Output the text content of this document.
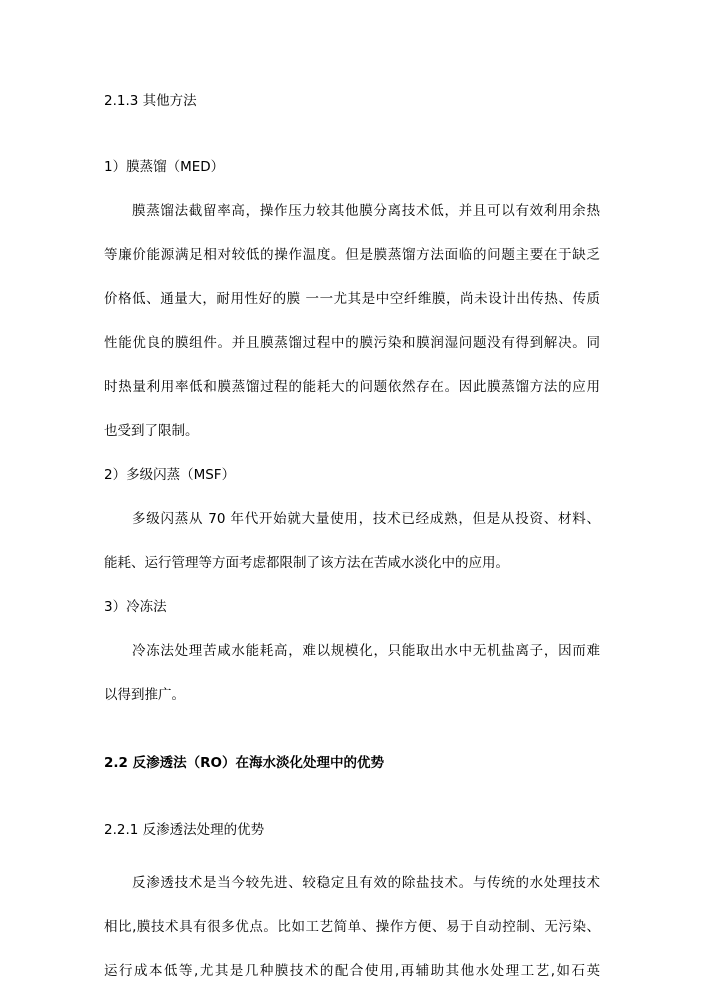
2.1.3 其他方法
1）膜蒸馏（MED）
膜蒸馏法截留率高，操作压力较其他膜分离技术低，并且可以有效利用余热
等廉价能源满足相对较低的操作温度。但是膜蒸馏方法面临的问题主要在于缺乏
价格低、通量大，耐用性好的膜 一一尤其是中空纤维膜，尚未设计出传热、传质
性能优良的膜组件。并且膜蒸馏过程中的膜污染和膜润湿问题没有得到解决。同
时热量利用率低和膜蒸馏过程的能耗大的问题依然存在。因此膜蒸馏方法的应用
也受到了限制。
2）多级闪蒸（MSF）
多级闪蒸从 70 年代开始就大量使用，技术已经成熟，但是从投资、材料、
能耗、运行管理等方面考虑都限制了该方法在苦咸水淡化中的应用。
3）冷冻法
冷冻法处理苦咸水能耗高，难以规模化，只能取出水中无机盐离子，因而难
以得到推广。
2.2 反渗透法（RO）在海水淡化处理中的优势
2.2.1 反渗透法处理的优势
反渗透技术是当今较先进、较稳定且有效的除盐技术。与传统的水处理技术
相比,膜技术具有很多优点。比如工艺简单、操作方便、易于自动控制、无污染、
运行成本低等,尤其是几种膜技术的配合使用,再辅助其他水处理工艺,如石英
